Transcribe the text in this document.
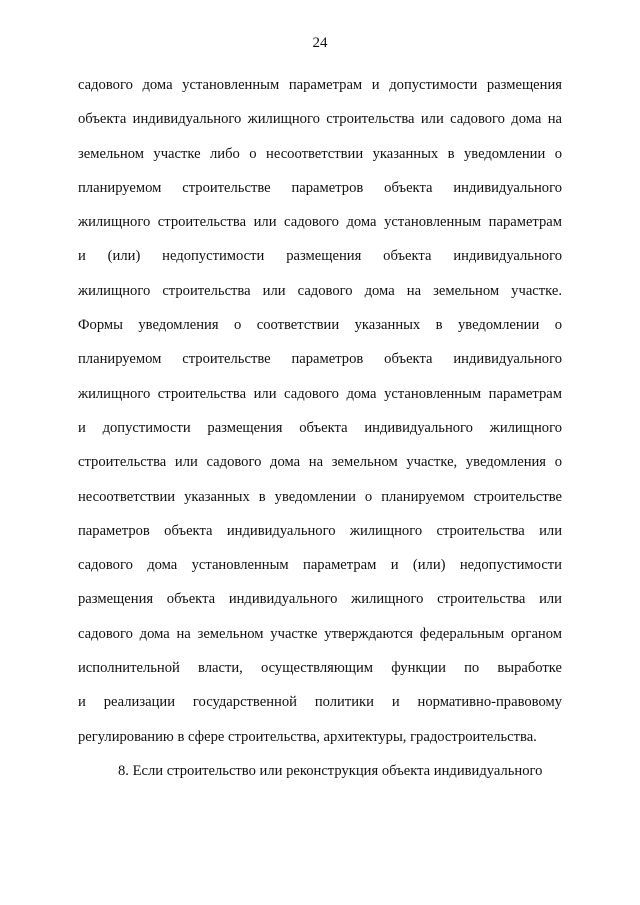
24
садового дома установленным параметрам и допустимости размещения
объекта индивидуального жилищного строительства или садового дома на
земельном участке либо о несоответствии указанных в уведомлении о
планируемом строительстве параметров объекта индивидуального
жилищного строительства или садового дома установленным параметрам
и (или) недопустимости размещения объекта индивидуального
жилищного строительства или садового дома на земельном участке.
Формы уведомления о соответствии указанных в уведомлении о
планируемом строительстве параметров объекта индивидуального
жилищного строительства или садового дома установленным параметрам
и допустимости размещения объекта индивидуального жилищного
строительства или садового дома на земельном участке, уведомления о
несоответствии указанных в уведомлении о планируемом строительстве
параметров объекта индивидуального жилищного строительства или
садового дома установленным параметрам и (или) недопустимости
размещения объекта индивидуального жилищного строительства или
садового дома на земельном участке утверждаются федеральным органом
исполнительной власти, осуществляющим функции по выработке
и реализации государственной политики и нормативно-правовому
регулированию в сфере строительства, архитектуры, градостроительства.
8. Если строительство или реконструкция объекта индивидуального
